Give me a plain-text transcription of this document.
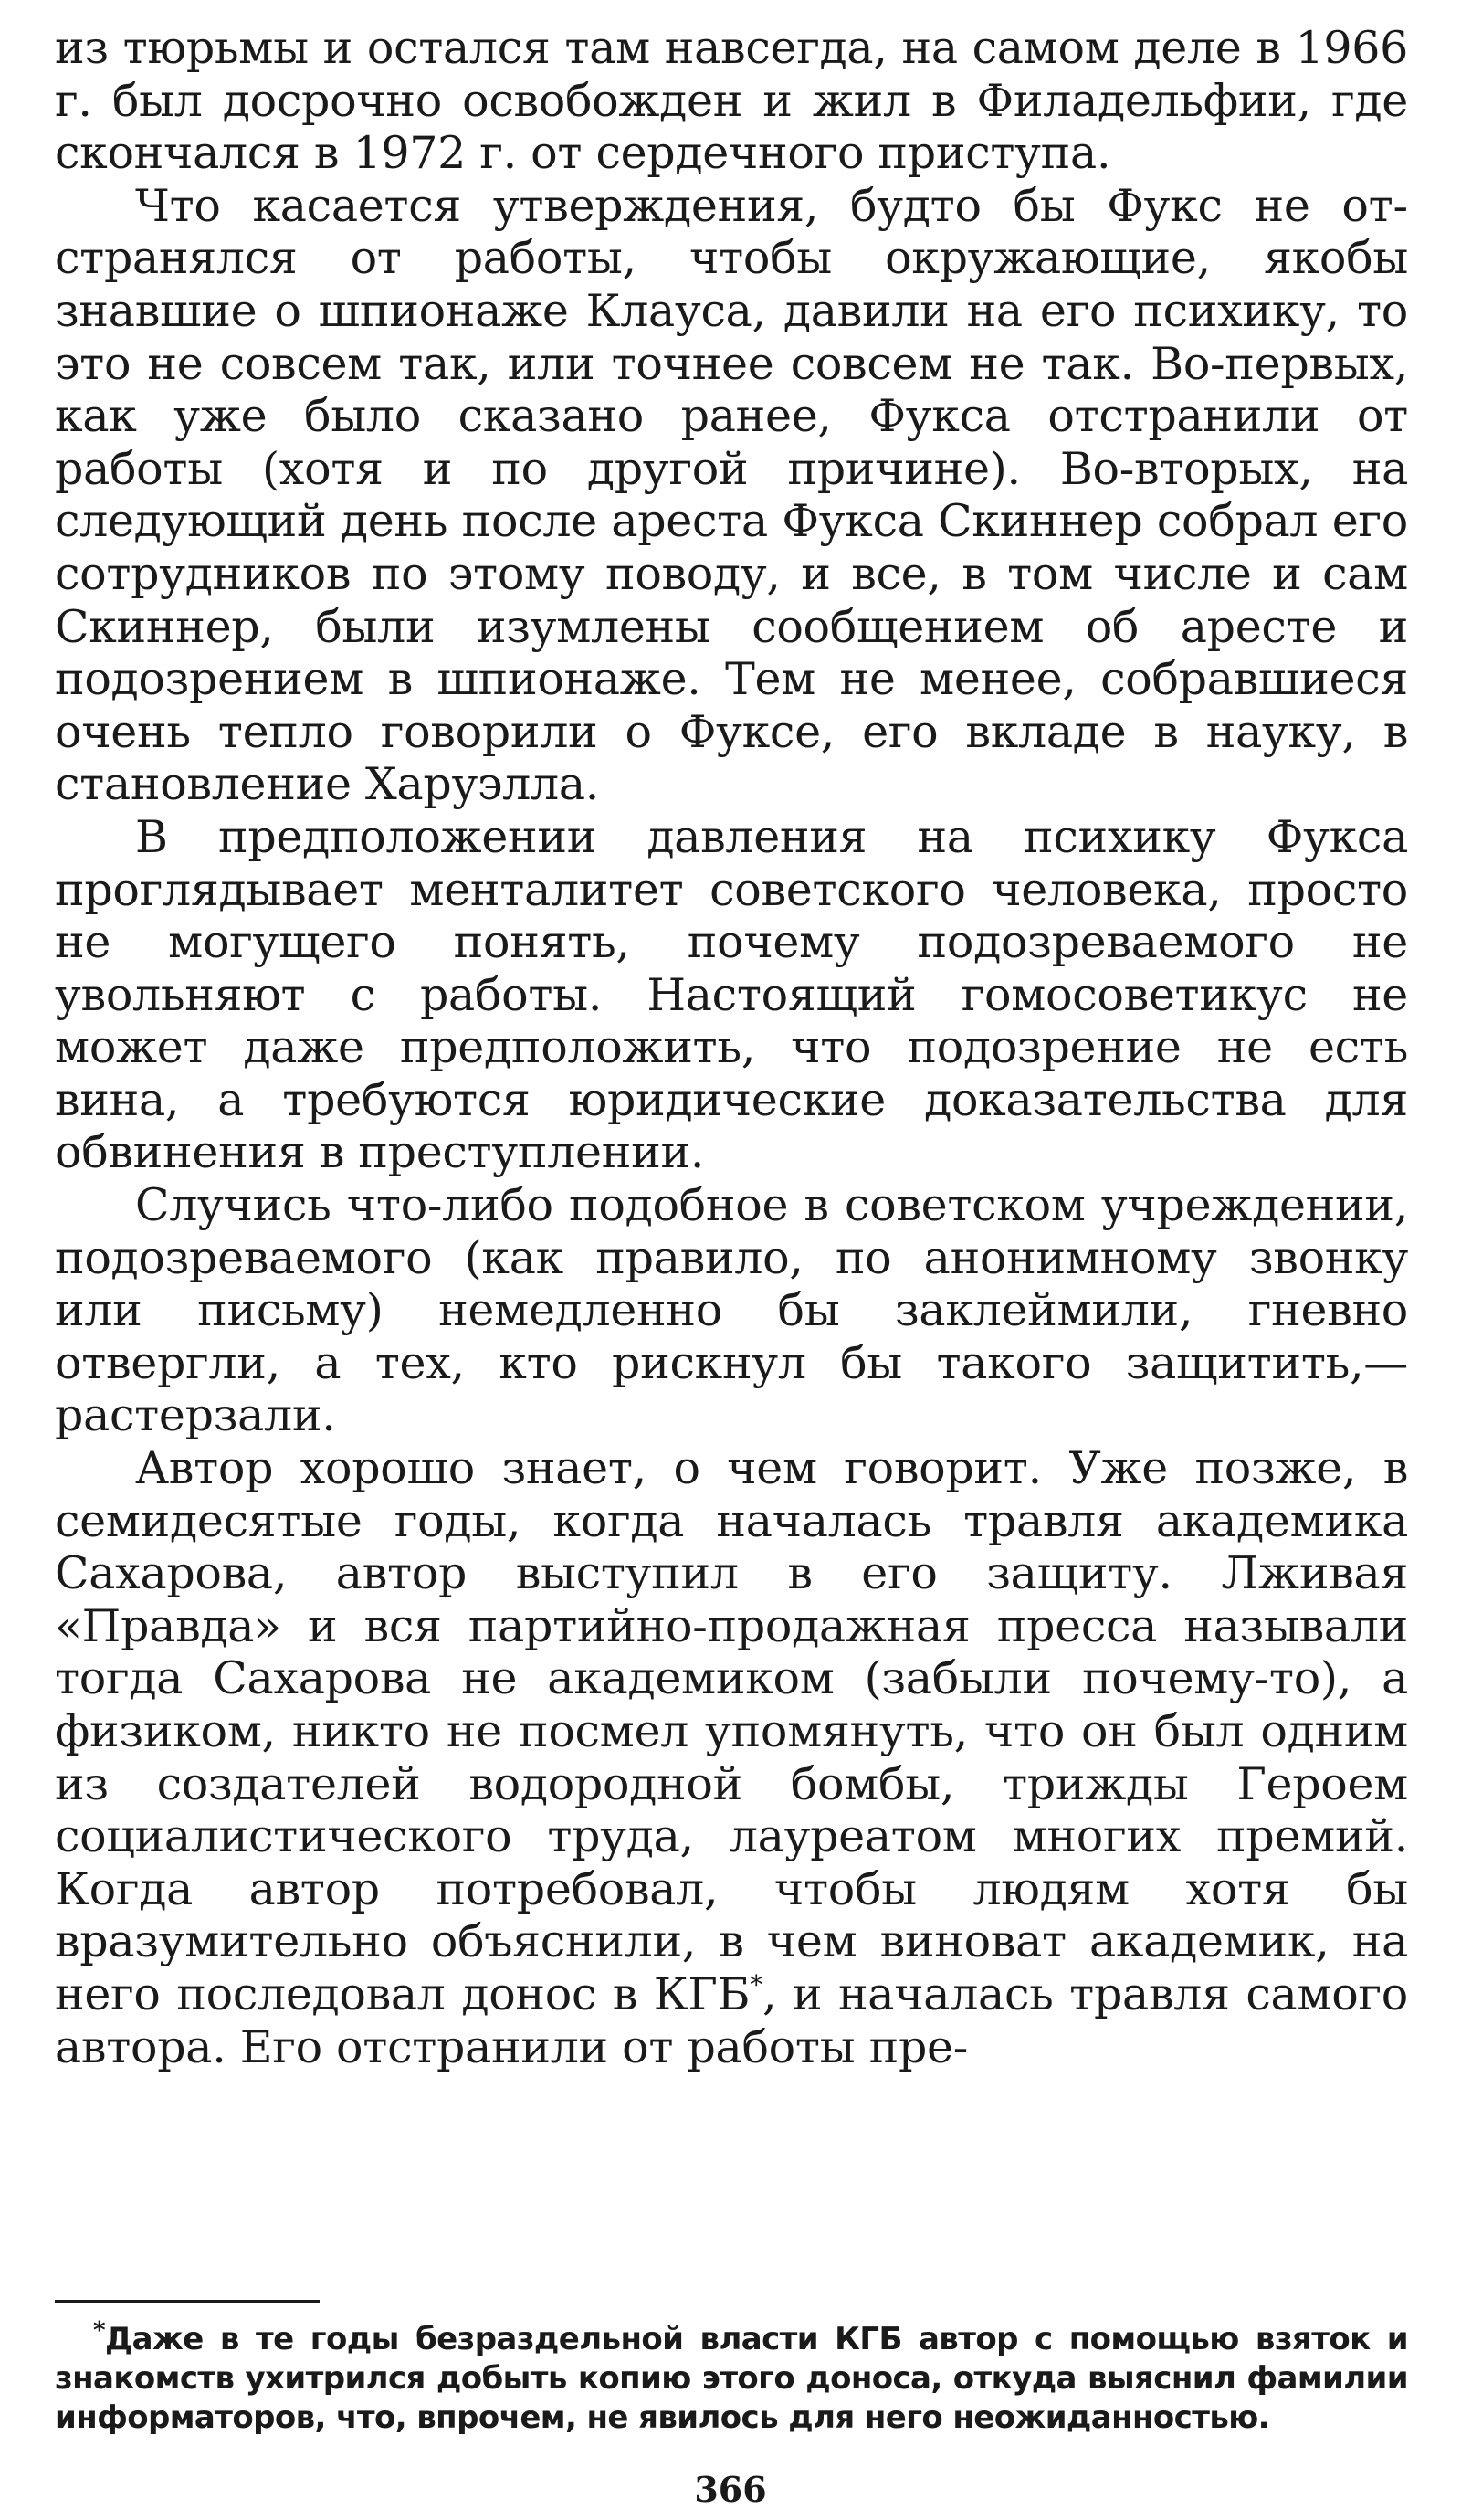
из тюрьмы и остался там навсегда, на самом деле в 1966 г. был досрочно освобожден и жил в Филадельфии, где скончался в 1972 г. от сердечного приступа.

Что касается утверждения, будто бы Фукс не отстранялся от работы, чтобы окружающие, якобы знавшие о шпионаже Клауса, давили на его психику, то это не совсем так, или точнее совсем не так. Во-первых, как уже было сказано ранее, Фукса отстранили от работы (хотя и по другой причине). Во-вторых, на следующий день после ареста Фукса Скиннер собрал его сотрудников по этому поводу, и все, в том числе и сам Скиннер, были изумлены сообщением об аресте и подозрением в шпионаже. Тем не менее, собравшиеся очень тепло говорили о Фуксе, его вкладе в науку, в становление Харуэлла.

В предположении давления на психику Фукса проглядывает менталитет советского человека, просто не могущего понять, почему подозреваемого не увольняют с работы. Настоящий гомосоветикус не может даже предположить, что подозрение не есть вина, а требуются юридические доказательства для обвинения в преступлении.

Случись что-либо подобное в советском учреждении, подозреваемого (как правило, по анонимному звонку или письму) немедленно бы заклеймили, гневно отвергли, а тех, кто рискнул бы такого защитить,— растерзали.

Автор хорошо знает, о чем говорит. Уже позже, в семидесятые годы, когда началась травля академика Сахарова, автор выступил в его защиту. Лживая «Правда» и вся партийно-продажная пресса называли тогда Сахарова не академиком (забыли почему-то), а физиком, никто не посмел упомянуть, что он был одним из создателей водородной бомбы, трижды Героем социалистического труда, лауреатом многих премий. Когда автор потребовал, чтобы людям хотя бы вразумительно объяснили, в чем виноват академик, на него последовал донос в КГБ*, и началась травля самого автора. Его отстранили от работы пре-

*Даже в те годы безраздельной власти КГБ автор с помощью взяток и знакомств ухитрился добыть копию этого доноса, откуда выяснил фамилии информаторов, что, впрочем, не явилось для него неожиданностью.
366
